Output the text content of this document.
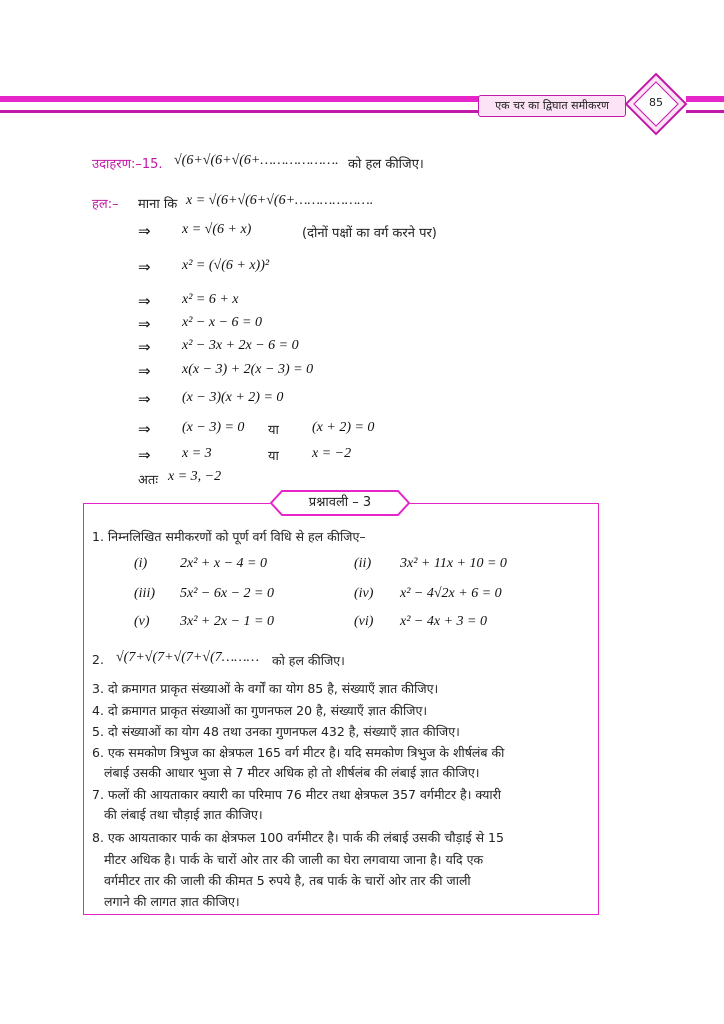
एक चर का द्विघात समीकरण	85
उदाहरण:–15. √(6+√(6+√(6+………………. को हल कीजिए।
हल:– माना कि x = √(6+√(6+√(6+……………….
⇒ x = √(6 + x)	(दोनों पक्षों का वर्ग करने पर)
⇒ x² = (√(6 + x))²
⇒ x² = 6 + x
⇒ x² − x − 6 = 0
⇒ x² − 3x + 2x − 6 = 0
⇒ x(x − 3) + 2(x − 3) = 0
⇒ (x − 3)(x + 2) = 0
⇒ (x − 3) = 0 या (x + 2) = 0
⇒ x = 3	या x = −2
अतः x = 3, −2
प्रश्नावली – 3
1. निम्नलिखित समीकरणों को पूर्ण वर्ग विधि से हल कीजिए–
(i) 2x² + x − 4 = 0	(ii) 3x² + 11x + 10 = 0
(iii) 5x² − 6x − 2 = 0	(iv) x² − 4√2x + 6 = 0
(v) 3x² + 2x − 1 = 0	(vi) x² − 4x + 3 = 0
2. √(7+√(7+√(7+√(7……… को हल कीजिए।
3. दो क्रमागत प्राकृत संख्याओं के वर्गों का योग 85 है, संख्याएँ ज्ञात कीजिए।
4. दो क्रमागत प्राकृत संख्याओं का गुणनफल 20 है, संख्याएँ ज्ञात कीजिए।
5. दो संख्याओं का योग 48 तथा उनका गुणनफल 432 है, संख्याएँ ज्ञात कीजिए।
6. एक समकोण त्रिभुज का क्षेत्रफल 165 वर्ग मीटर है। यदि समकोण त्रिभुज के शीर्षलंब की
लंबाई उसकी आधार भुजा से 7 मीटर अधिक हो तो शीर्षलंब की लंबाई ज्ञात कीजिए।
7. फलों की आयताकार क्यारी का परिमाप 76 मीटर तथा क्षेत्रफल 357 वर्गमीटर है। क्यारी
की लंबाई तथा चौड़ाई ज्ञात कीजिए।
8. एक आयताकार पार्क का क्षेत्रफल 100 वर्गमीटर है। पार्क की लंबाई उसकी चौड़ाई से 15
मीटर अधिक है। पार्क के चारों ओर तार की जाली का घेरा लगवाया जाना है। यदि एक
वर्गमीटर तार की जाली की कीमत 5 रुपये है, तब पार्क के चारों ओर तार की जाली
लगाने की लागत ज्ञात कीजिए।
